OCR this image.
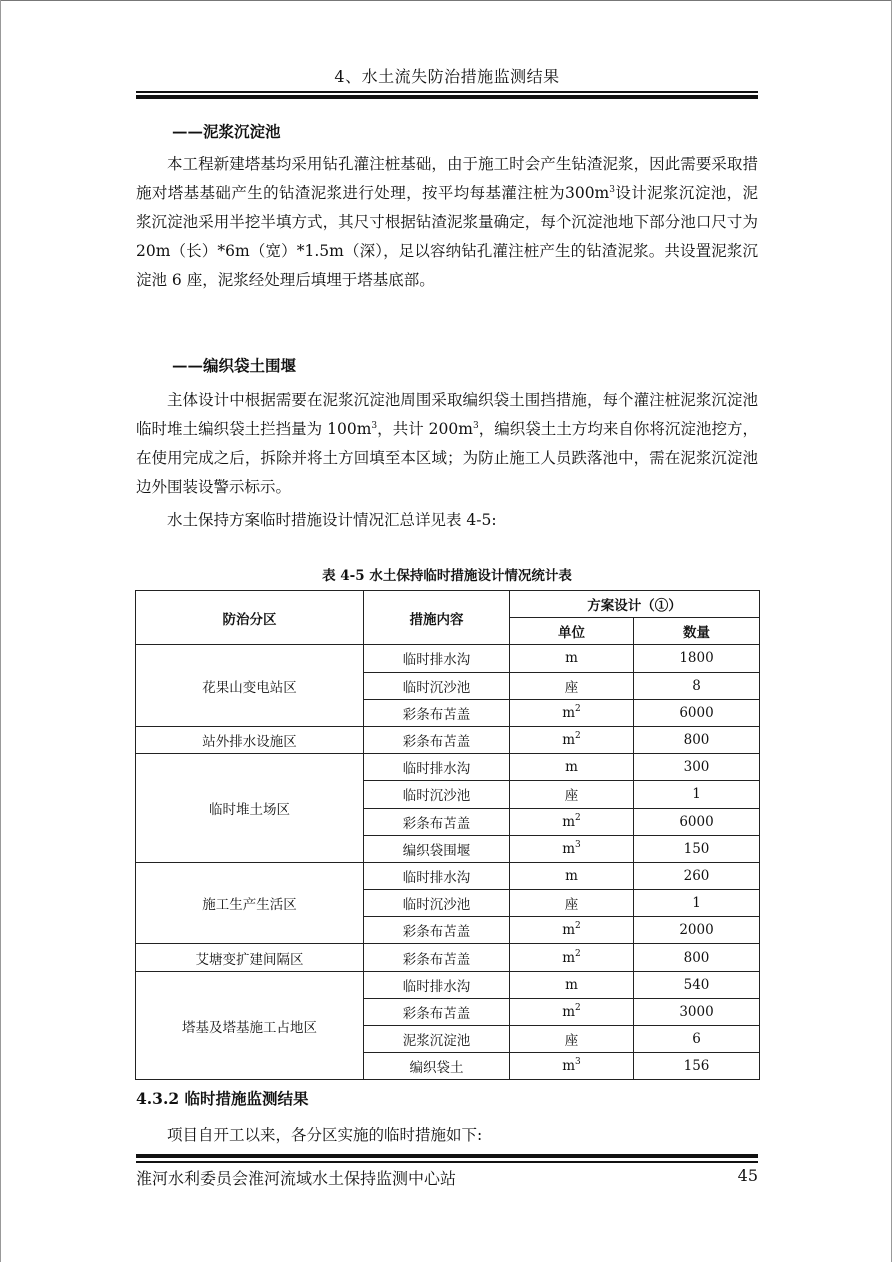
4、水土流失防治措施监测结果
——泥浆沉淀池

本工程新建塔基均采用钻孔灌注桩基础，由于施工时会产生钻渣泥浆，因此需要采取措施对塔基基础产生的钻渣泥浆进行处理，按平均每基灌注桩为$300m^3$设计泥浆沉淀池，泥浆沉淀池采用半挖半填方式，其尺寸根据钻渣泥浆量确定，每个沉淀池地下部分池口尺寸为20m（长）*6m（宽）*1.5m（深），足以容纳钻孔灌注桩产生的钻渣泥浆。共设置泥浆沉淀池 6 座，泥浆经处理后填埋于塔基底部。

——编织袋土围堰

主体设计中根据需要在泥浆沉淀池周围采取编织袋土围挡措施，每个灌注桩泥浆沉淀池临时堆土编织袋土拦挡量为 $100m^3$，共计 $200m^3$，编织袋土土方均来自你将沉淀池挖方，在使用完成之后，拆除并将土方回填至本区域；为防止施工人员跌落池中，需在泥浆沉淀池边外围装设警示标示。

水土保持方案临时措施设计情况汇总详见表 4-5:

表 4-5 水土保持临时措施设计情况统计表
防治分区	措施内容	方案设计（①）	
		单位	数量
花果山变电站区	临时排水沟	m	1800
	临时沉沙池	座	8
	彩条布苫盖	$m^2$	6000
站外排水设施区	彩条布苫盖	$m^2$	800
临时堆土场区	临时排水沟	m	300
	临时沉沙池	座	1
	彩条布苫盖	$m^2$	6000
	编织袋围堰	$m^3$	150
施工生产生活区	临时排水沟	m	260
	临时沉沙池	座	1
	彩条布苫盖	$m^2$	2000
艾塘变扩建间隔区	彩条布苫盖	$m^2$	800
塔基及塔基施工占地区	临时排水沟	m	540
	彩条布苫盖	$m^2$	3000
	泥浆沉淀池	座	6
	编织袋土	$m^3$	156
4.3.2 临时措施监测结果

项目自开工以来，各分区实施的临时措施如下:

淮河水利委员会淮河流域水土保持监测中心站	45
